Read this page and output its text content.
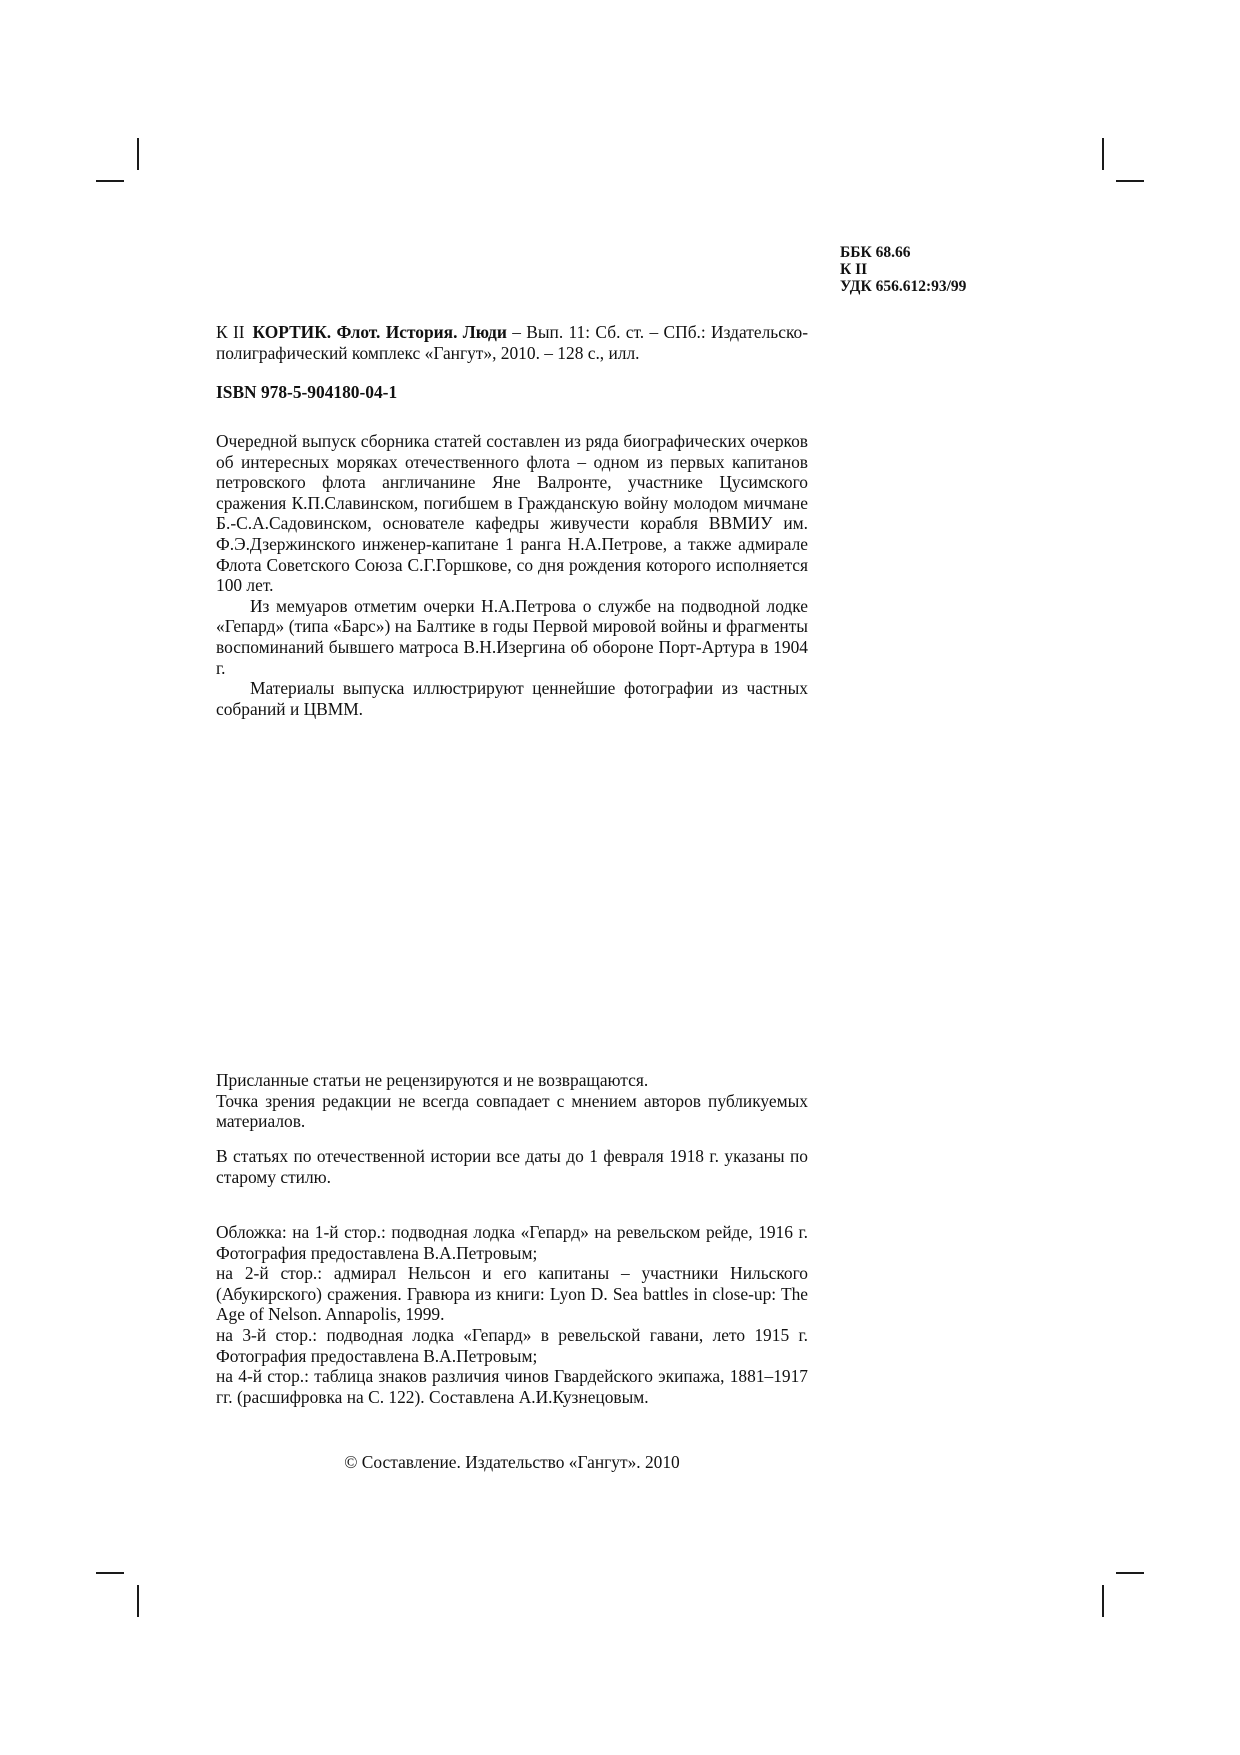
ББК 68.66
К II
УДК 656.612:93/99
К II КОРТИК. Флот. История. Люди – Вып. 11: Сб. ст. – СПб.: Издательско-полиграфический комплекс «Гангут», 2010. – 128 с., илл.
ISBN 978-5-904180-04-1

Очередной выпуск сборника статей составлен из ряда биографических очерков об интересных моряках отечественного флота – одном из первых капитанов петровского флота англичанине Яне Валронте, участнике Цусимского сражения К.П.Славинском, погибшем в Гражданскую войну молодом мичмане Б.-С.А.Садовинском, основателе кафедры живучести корабля ВВМИУ им. Ф.Э.Дзержинского инженер-капитане 1 ранга Н.А.Петрове, а также адмирале Флота Советского Союза С.Г.Горшкове, со дня рождения которого исполняется 100 лет.

Из мемуаров отметим очерки Н.А.Петрова о службе на подводной лодке «Гепард» (типа «Барс») на Балтике в годы Первой мировой войны и фрагменты воспоминаний бывшего матроса В.Н.Изергина об обороне Порт-Артура в 1904 г.

Материалы выпуска иллюстрируют ценнейшие фотографии из частных собраний и ЦВММ.

Присланные статьи не рецензируются и не возвращаются.

Точка зрения редакции не всегда совпадает с мнением авторов публикуемых материалов.

В статьях по отечественной истории все даты до 1 февраля 1918 г. указаны по старому стилю.

Обложка: на 1-й стор.: подводная лодка «Гепард» на ревельском рейде, 1916 г. Фотография предоставлена В.А.Петровым;

на 2-й стор.: адмирал Нельсон и его капитаны – участники Нильского (Абукирского) сражения. Гравюра из книги: Lyon D. Sea battles in close-up: The Age of Nelson. Annapolis, 1999.

на 3-й стор.: подводная лодка «Гепард» в ревельской гавани, лето 1915 г. Фотография предоставлена В.А.Петровым;

на 4-й стор.: таблица знаков различия чинов Гвардейского экипажа, 1881–1917 гг. (расшифровка на С. 122). Составлена А.И.Кузнецовым.

© Составление. Издательство «Гангут». 2010
